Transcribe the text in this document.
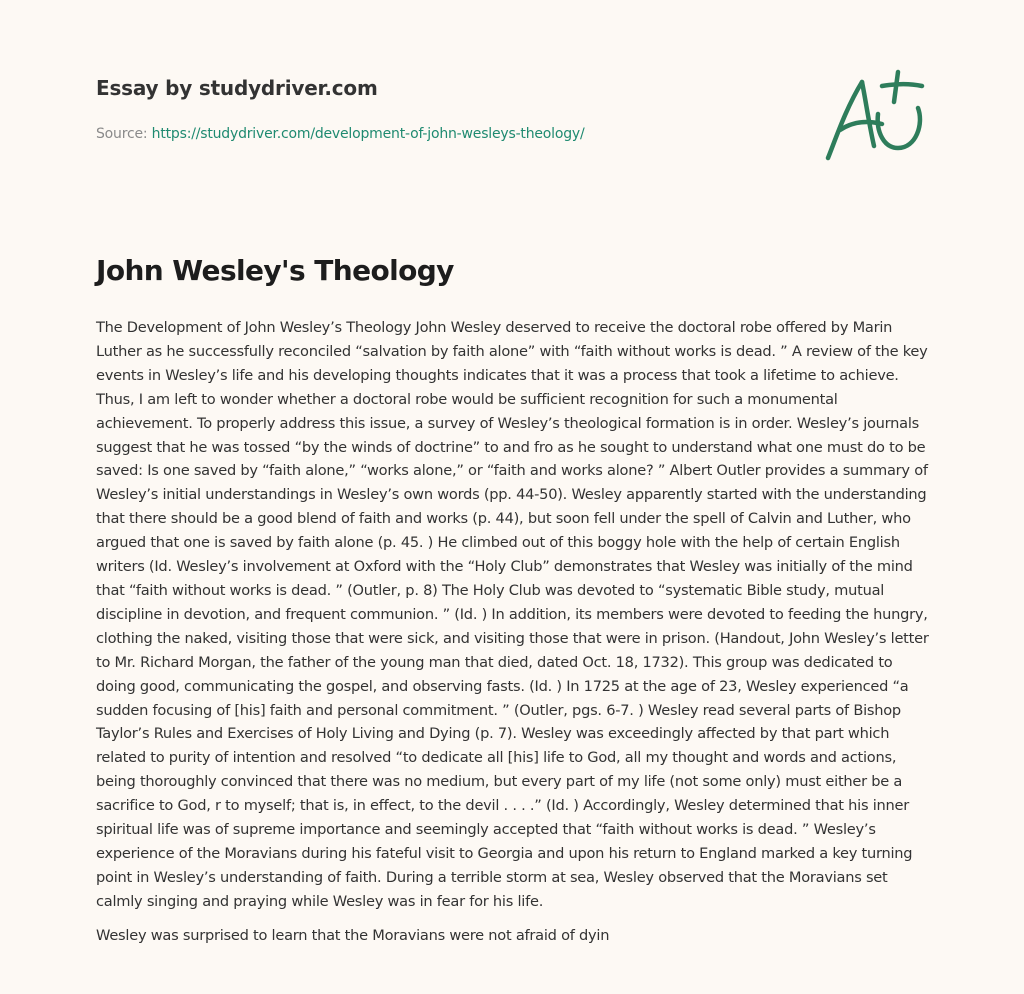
Essay by studydriver.com
Source: https://studydriver.com/development-of-john-wesleys-theology/
John Wesley's Theology

The Development of John Wesley’s Theology John Wesley deserved to receive the doctoral robe offered by Marin Luther as he successfully reconciled “salvation by faith alone” with “faith without works is dead. ” A review of the key events in Wesley’s life and his developing thoughts indicates that it was a process that took a lifetime to achieve. Thus, I am left to wonder whether a doctoral robe would be sufficient recognition for such a monumental achievement. To properly address this issue, a survey of Wesley’s theological formation is in order. Wesley’s journals suggest that he was tossed “by the winds of doctrine” to and fro as he sought to understand what one must do to be saved: Is one saved by “faith alone,” “works alone,” or “faith and works alone? ” Albert Outler provides a summary of Wesley’s initial understandings in Wesley’s own words (pp. 44-50). Wesley apparently started with the understanding that there should be a good blend of faith and works (p. 44), but soon fell under the spell of Calvin and Luther, who argued that one is saved by faith alone (p. 45. ) He climbed out of this boggy hole with the help of certain English writers (Id. Wesley’s involvement at Oxford with the “Holy Club” demonstrates that Wesley was initially of the mind that “faith without works is dead. ” (Outler, p. 8) The Holy Club was devoted to “systematic Bible study, mutual discipline in devotion, and frequent communion. ” (Id. ) In addition, its members were devoted to feeding the hungry, clothing the naked, visiting those that were sick, and visiting those that were in prison. (Handout, John Wesley’s letter to Mr. Richard Morgan, the father of the young man that died, dated Oct. 18, 1732). This group was dedicated to doing good, communicating the gospel, and observing fasts. (Id. ) In 1725 at the age of 23, Wesley experienced “a sudden focusing of [his] faith and personal commitment. ” (Outler, pgs. 6-7. ) Wesley read several parts of Bishop Taylor’s Rules and Exercises of Holy Living and Dying (p. 7). Wesley was exceedingly affected by that part which related to purity of intention and resolved “to dedicate all [his] life to God, all my thought and words and actions, being thoroughly convinced that there was no medium, but every part of my life (not some only) must either be a sacrifice to God, r to myself; that is, in effect, to the devil . . . .” (Id. ) Accordingly, Wesley determined that his inner spiritual life was of supreme importance and seemingly accepted that “faith without works is dead. ” Wesley’s experience of the Moravians during his fateful visit to Georgia and upon his return to England marked a key turning point in Wesley’s understanding of faith. During a terrible storm at sea, Wesley observed that the Moravians set calmly singing and praying while Wesley was in fear for his life.

Wesley was surprised to learn that the Moravians were not afraid of dyin
